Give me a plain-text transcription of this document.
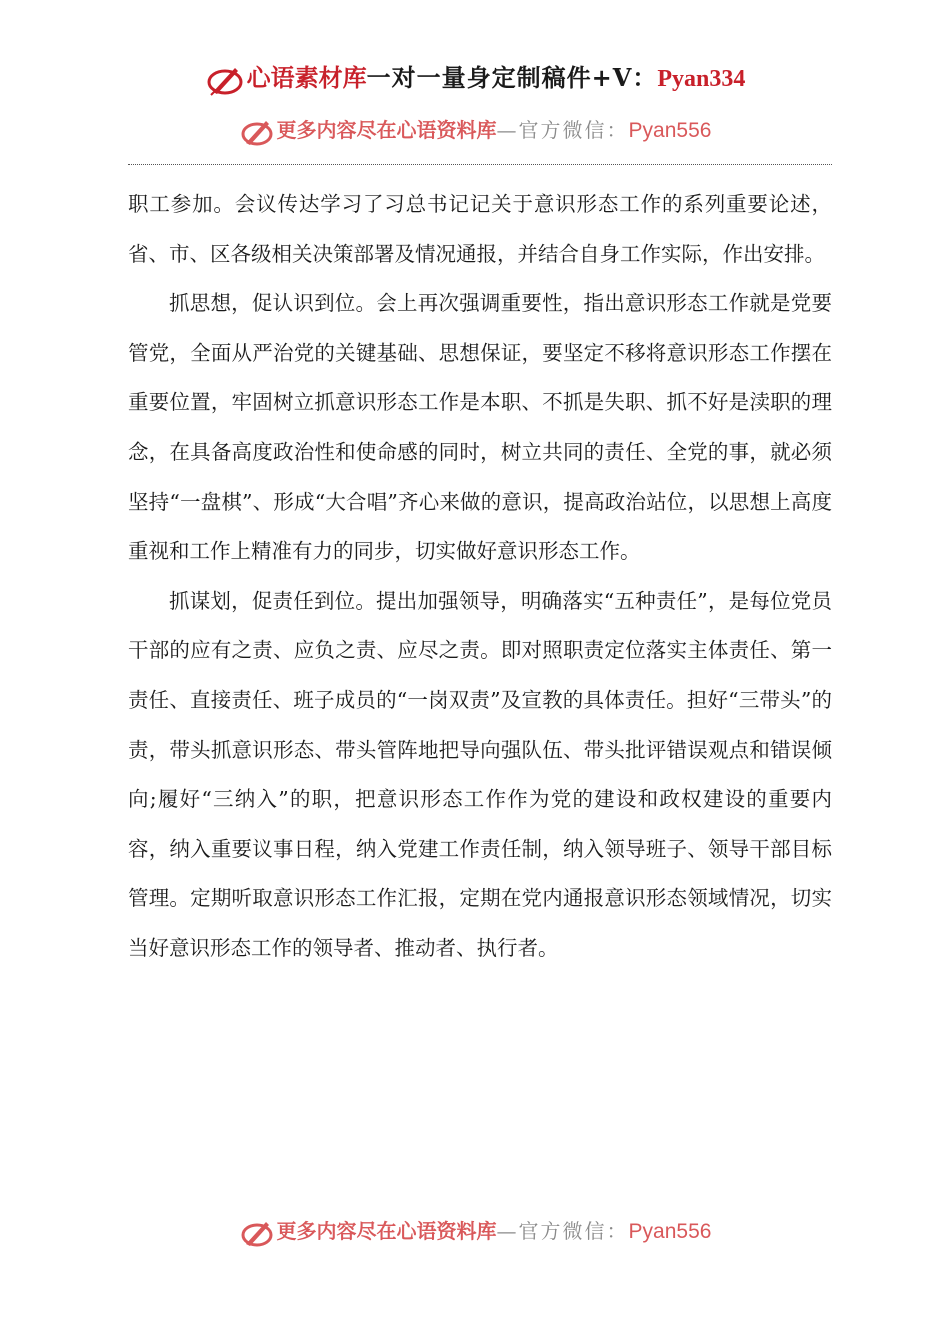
心语素材库一对一量身定制稿件+V：Pyan334
更多内容尽在心语资料库—官方微信：Pyan556

职工参加。会议传达学习了习总书记记关于意识形态工作的系列重要论述，省、市、区各级相关决策部署及情况通报，并结合自身工作实际，作出安排。

抓思想，促认识到位。会上再次强调重要性，指出意识形态工作就是党要管党，全面从严治党的关键基础、思想保证，要坚定不移将意识形态工作摆在重要位置，牢固树立抓意识形态工作是本职、不抓是失职、抓不好是渎职的理念，在具备高度政治性和使命感的同时，树立共同的责任、全党的事，就必须坚持“一盘棋”、形成“大合唱”齐心来做的意识，提高政治站位，以思想上高度重视和工作上精准有力的同步，切实做好意识形态工作。

抓谋划，促责任到位。提出加强领导，明确落实“五种责任”，是每位党员干部的应有之责、应负之责、应尽之责。即对照职责定位落实主体责任、第一责任、直接责任、班子成员的“一岗双责”及宣教的具体责任。担好“三带头”的责，带头抓意识形态、带头管阵地把导向强队伍、带头批评错误观点和错误倾向;履好“三纳入”的职，把意识形态工作作为党的建设和政权建设的重要内容，纳入重要议事日程，纳入党建工作责任制，纳入领导班子、领导干部目标管理。定期听取意识形态工作汇报，定期在党内通报意识形态领域情况，切实当好意识形态工作的领导者、推动者、执行者。

更多内容尽在心语资料库—官方微信：Pyan556
